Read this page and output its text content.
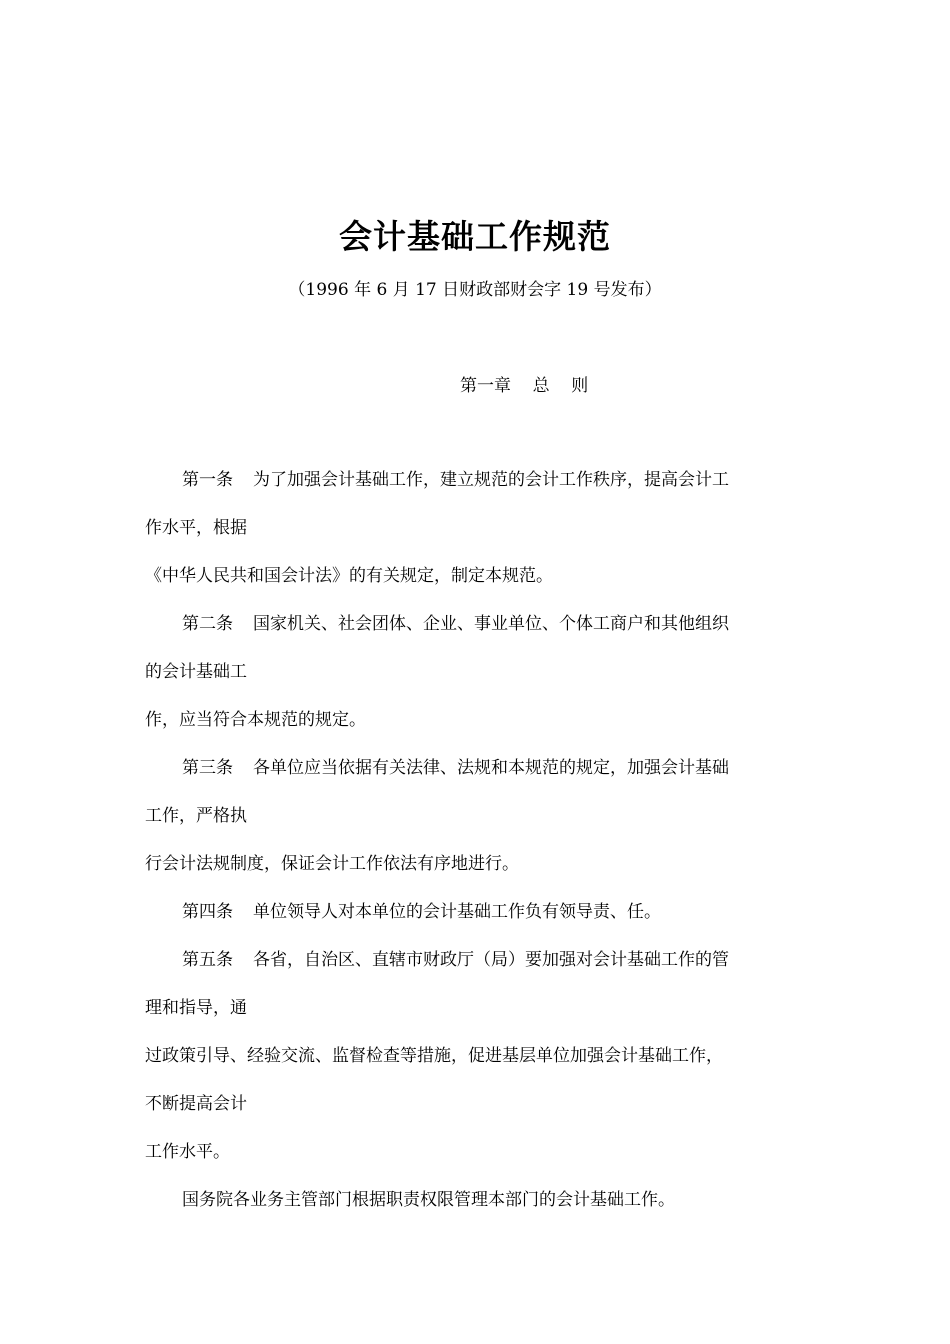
会计基础工作规范
（1996 年 6 月 17 日财政部财会字 19 号发布）
第一章    总    则
第一条 为了加强会计基础工作，建立规范的会计工作秩序，提高会计工
作水平，根据
《中华人民共和国会计法》的有关规定，制定本规范。
第二条 国家机关、社会团体、企业、事业单位、个体工商户和其他组织
的会计基础工
作，应当符合本规范的规定。
第三条 各单位应当依据有关法律、法规和本规范的规定，加强会计基础
工作，严格执
行会计法规制度，保证会计工作依法有序地进行。
第四条 单位领导人对本单位的会计基础工作负有领导责、任。
第五条 各省，自治区、直辖市财政厅（局）要加强对会计基础工作的管
理和指导，通
过政策引导、经验交流、监督检查等措施，促进基层单位加强会计基础工作，
不断提高会计
工作水平。
国务院各业务主管部门根据职责权限管理本部门的会计基础工作。
